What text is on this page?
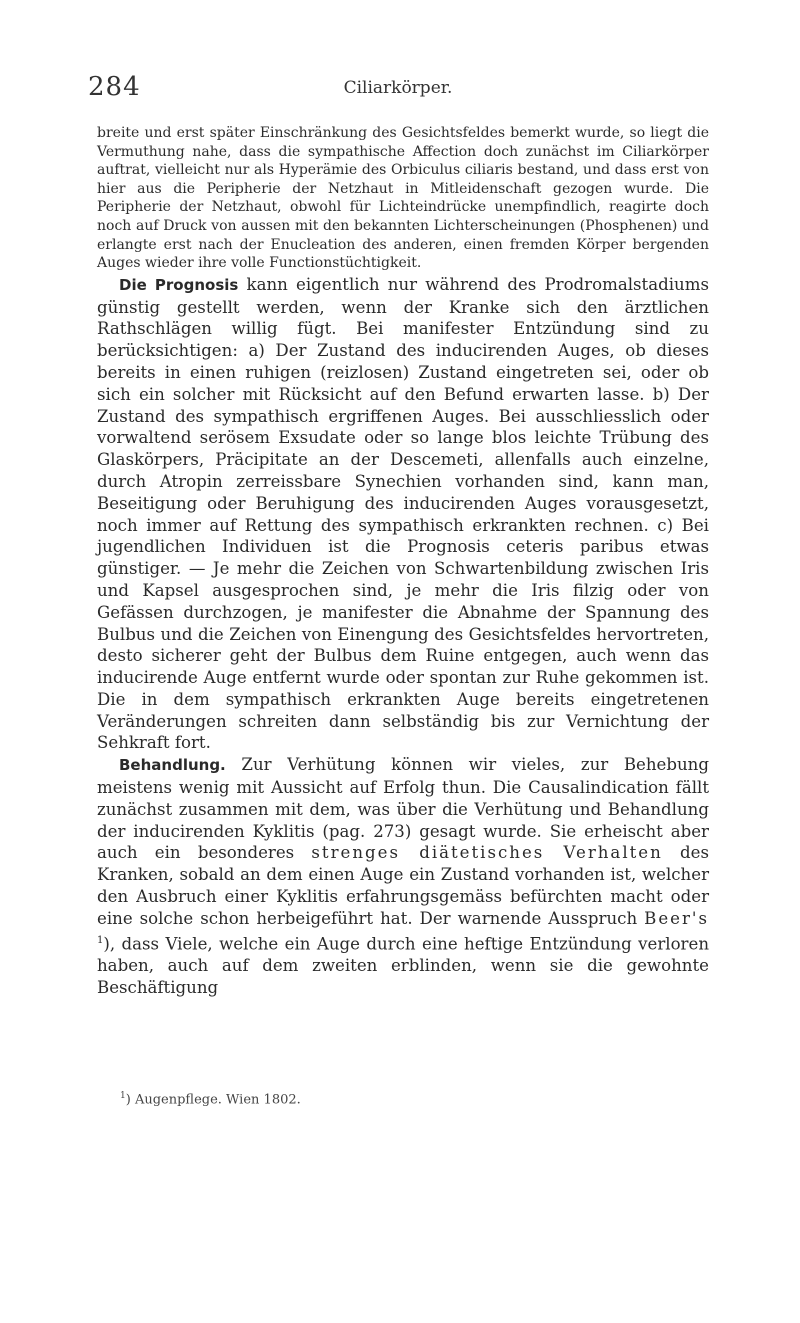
284	Ciliarkörper.

breite und erst später Einschränkung des Gesichtsfeldes bemerkt wurde, so liegt die Vermuthung nahe, dass die sympathische Affection doch zunächst im Ciliarkörper auftrat, vielleicht nur als Hyperämie des Orbiculus ciliaris bestand, und dass erst von hier aus die Peripherie der Netzhaut in Mitleidenschaft gezogen wurde. Die Peripherie der Netzhaut, obwohl für Lichteindrücke unempfindlich, reagirte doch noch auf Druck von aussen mit den bekannten Lichterscheinungen (Phosphenen) und erlangte erst nach der Enucleation des anderen, einen fremden Körper bergenden Auges wieder ihre volle Functionstüchtigkeit.

Die Prognosis kann eigentlich nur während des Prodromalstadiums günstig gestellt werden, wenn der Kranke sich den ärztlichen Rathschlägen willig fügt. Bei manifester Entzündung sind zu berücksichtigen: a) Der Zustand des inducirenden Auges, ob dieses bereits in einen ruhigen (reizlosen) Zustand eingetreten sei, oder ob sich ein solcher mit Rücksicht auf den Befund erwarten lasse. b) Der Zustand des sympathisch ergriffenen Auges. Bei ausschliesslich oder vorwaltend serösem Exsudate oder so lange blos leichte Trübung des Glaskörpers, Präcipitate an der Descemeti, allenfalls auch einzelne, durch Atropin zerreissbare Synechien vorhanden sind, kann man, Beseitigung oder Beruhigung des inducirenden Auges vorausgesetzt, noch immer auf Rettung des sympathisch erkrankten rechnen. c) Bei jugendlichen Individuen ist die Prognosis ceteris paribus etwas günstiger. — Je mehr die Zeichen von Schwartenbildung zwischen Iris und Kapsel ausgesprochen sind, je mehr die Iris filzig oder von Gefässen durchzogen, je manifester die Abnahme der Spannung des Bulbus und die Zeichen von Einengung des Gesichtsfeldes hervortreten, desto sicherer geht der Bulbus dem Ruine entgegen, auch wenn das inducirende Auge entfernt wurde oder spontan zur Ruhe gekommen ist. Die in dem sympathisch erkrankten Auge bereits eingetretenen Veränderungen schreiten dann selbständig bis zur Vernichtung der Sehkraft fort.

Behandlung. Zur Verhütung können wir vieles, zur Behebung meistens wenig mit Aussicht auf Erfolg thun. Die Causalindication fällt zunächst zusammen mit dem, was über die Verhütung und Behandlung der inducirenden Kyklitis (pag. 273) gesagt wurde. Sie erheischt aber auch ein besonderes strenges diätetisches Verhalten des Kranken, sobald an dem einen Auge ein Zustand vorhanden ist, welcher den Ausbruch einer Kyklitis erfahrungsgemäss befürchten macht oder eine solche schon herbeigeführt hat. Der warnende Ausspruch Beer's $^1$), dass Viele, welche ein Auge durch eine heftige Entzündung verloren haben, auch auf dem zweiten erblinden, wenn sie die gewohnte Beschäftigung

$^1$) Augenpflege. Wien 1802.
